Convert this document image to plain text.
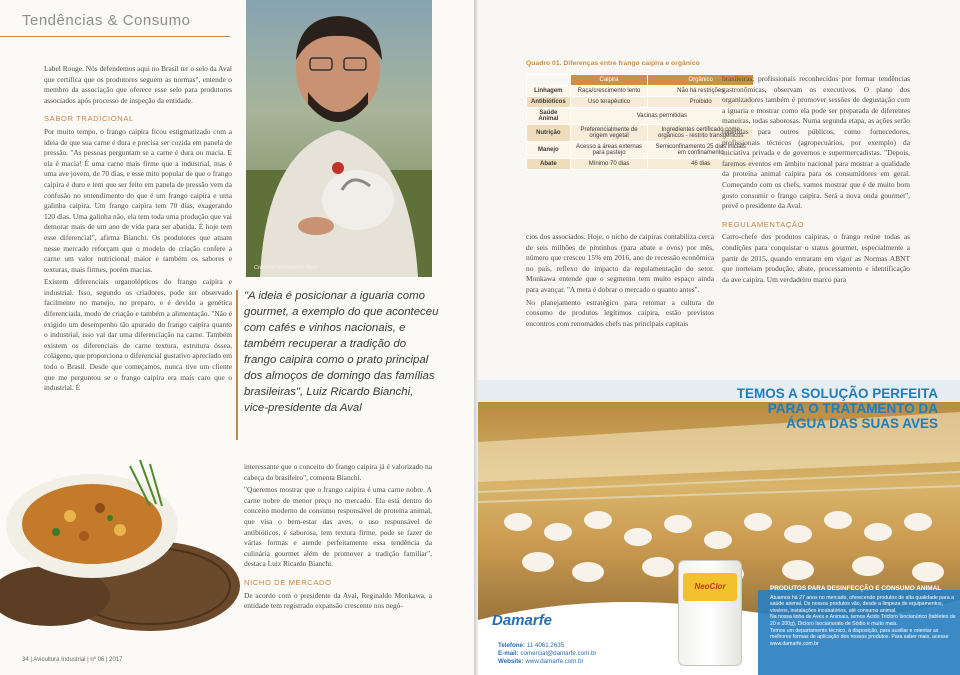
Tendências & Consumo

Label Rouge. Nós defendemos aqui no Brasil ter o selo da Aval que certifica que os produtores seguem as normas", entende o membro da associação que oferece esse selo para produtores associados após processo de inspeção da entidade.

SABOR TRADICIONAL

Por muito tempo, o frango caipira ficou estigmatizado com a ideia de que sua carne é dura e precisa ser cozida em panela de pressão. "As pessoas perguntam se a carne é dura ou macia. E ela é macia! É uma carne mais firme que a industrial, mas é uma ave jovem, de 70 dias, e esse mito popular de que o frango caipira é duro e tem que ser feito em panela de pressão vem da confusão no entendimento do que é um frango caipira e uma galinha caipira. Um frango caipira tem 70 dias, exagerando 120 dias. Uma galinha não, ela tem toda uma produção que vai demorar mais de um ano de vida para ser abatida. É hoje tem esse diferencial", afirma Bianchi. Os produtores que atuam nesse mercado reforçam que o modelo de criação confere a carne um valor nutricional maior e também os sabores e texturas, mais firmes, porém macias.

Existem diferenciais organolépticos do frango caipira e industrial. Isso, segundo os criadores, pode ser observado facilmente no manejo, no preparo, e é devido a genética diferenciada, modo de criação e também a alimentação. "Não é exigido um desempenho tão apurado do frango caipira quanto o industrial, isso vai dar uma diferenciação na carne. Também existem os diferenciais de carne textura, estrutura óssea, colágeno, que proporciona o diferencial gustativo apreciado em todo o Brasil. Desde que começamos, nunca tive um cliente que me perguntou se o frango caipira era mais caro que o industrial. É

Créditos: Divulgação Aval
"A ideia é posicionar a iguaria como gourmet, a exemplo do que aconteceu com cafés e vinhos nacionais, e também recuperar a tradição do frango caipira como o prato principal dos almoços de domingo das famílias brasileiras", Luiz Ricardo Bianchi, vice-presidente da Aval

interessante que o conceito do frango caipira já é valorizado na cabeça do brasileiro", comenta Bianchi.

"Queremos mostrar que o frango caipira é uma carne nobre. A carne nobre de menor preço no mercado. Ela está dentro do conceito moderno de consumo responsável de proteína animal, que visa o bem-estar das aves, o uso responsável de antibióticos, é saborosa, tem textura firme, pode se fazer de várias formas e atende perfeitamente essa tendência da culinária gourmet além de promover a tradição familiar", destaca Luiz Ricardo Bianchi.

NICHO DE MERCADO

De acordo com o presidente da Aval, Reginaldo Monkawa, a entidade tem registrado expansão crescente nos negó-

34 | Avicultura Industrial | nº 06 | 2017
Quadro 01. Diferenças entre frango caipira e orgânico
	Caipira	Orgânico
Linhagem	Raça/crescimento lento	Não há restrições
Antibióticos	Uso terapêutico	Proibido
Saúde Animal	Vacinas permitidas	
Nutrição	Preferencialmente de origem vegetal	Ingredientes certificado como orgânicos - restrito transgênicos
Manejo	Acesso a áreas externas para pastejo	Semiconfinamento 25 dias iniciais em confinamento
Abate	Mínimo 70 dias	46 dias

cios dos associados. Hoje, o nicho de caipiras contabiliza cerca de seis milhões de pintinhos (para abate e ovos) por mês, número que cresceu 15% em 2016, ano de recessão econômica no país, reflexo do impacto da regulamentação do setor. Monkawa entende que o segmento tem muito espaço ainda para avançar. "A meta é dobrar o mercado o quanto antes".

No planejamento estratégico para retomar a cultura de consumo de produtos legítimos caipira, estão previstos encontros com renomados chefs nas principais capitais

brasileiras; profissionais reconhecidos por formar tendências gastronômicas, observam os executivos. O plano dos organizadores também é promover sessões de degustação com a iguaria e mostrar como ela pode ser preparada de diferentes maneiras, todas saborosas. Numa segunda etapa, as ações serão repetidas para outros públicos, como fornecedores, profissionais técnicos (agropecuários, por exemplo) da iniciativa privada e de governos e supermercadistas. "Depois, faremos eventos em âmbito nacional para mostrar a qualidade da proteína animal caipira para os consumidores em geral. Começando com os chefs, vamos mostrar que é de muito bom gosto consumir o frango caipira. Será a nova onda gourmet", prevê o presidente da Aval.

REGULAMENTAÇÃO

Carro-chefe dos produtos caipiras, o frango reúne todas as condições para conquistar o status gourmet, especialmente a partir de 2015, quando entraram em vigor as Normas ABNT que norteiam produção, abate, processamento e identificação da ave caipira. Um verdadeiro marco para

TEMOS A SOLUÇÃO PERFEITA
PARA O TRATAMENTO DA
ÁGUA DAS SUAS AVES
Damarfe
Telefone: 11 4061.2635
E-mail: comercial@damarfe.com.br
Website: www.damarfe.com.br
NeoClor	PRODUTOS PARA DESINFECÇÃO E CONSUMO ANIMAL
Atuamos há 27 anos no mercado, oferecendo produtos de alta qualidade para a saúde animal. Os nossos produtos vão, desde a limpeza de equipamentos, viveiros, instalações incubatórios, até consumo animal.
Na nossa linha de Aves e Animais, temos Ácido Tricloro Isocianúrico (tabletes de 20 e 200g), Dicloro Isocianurato de Sódio e muito mais.
Temos um departamento técnico, à disposição, para auxiliar e orientar as melhores formas de aplicação dos nossos produtos. Para saber mais, acesse www.damarfe.com.br
